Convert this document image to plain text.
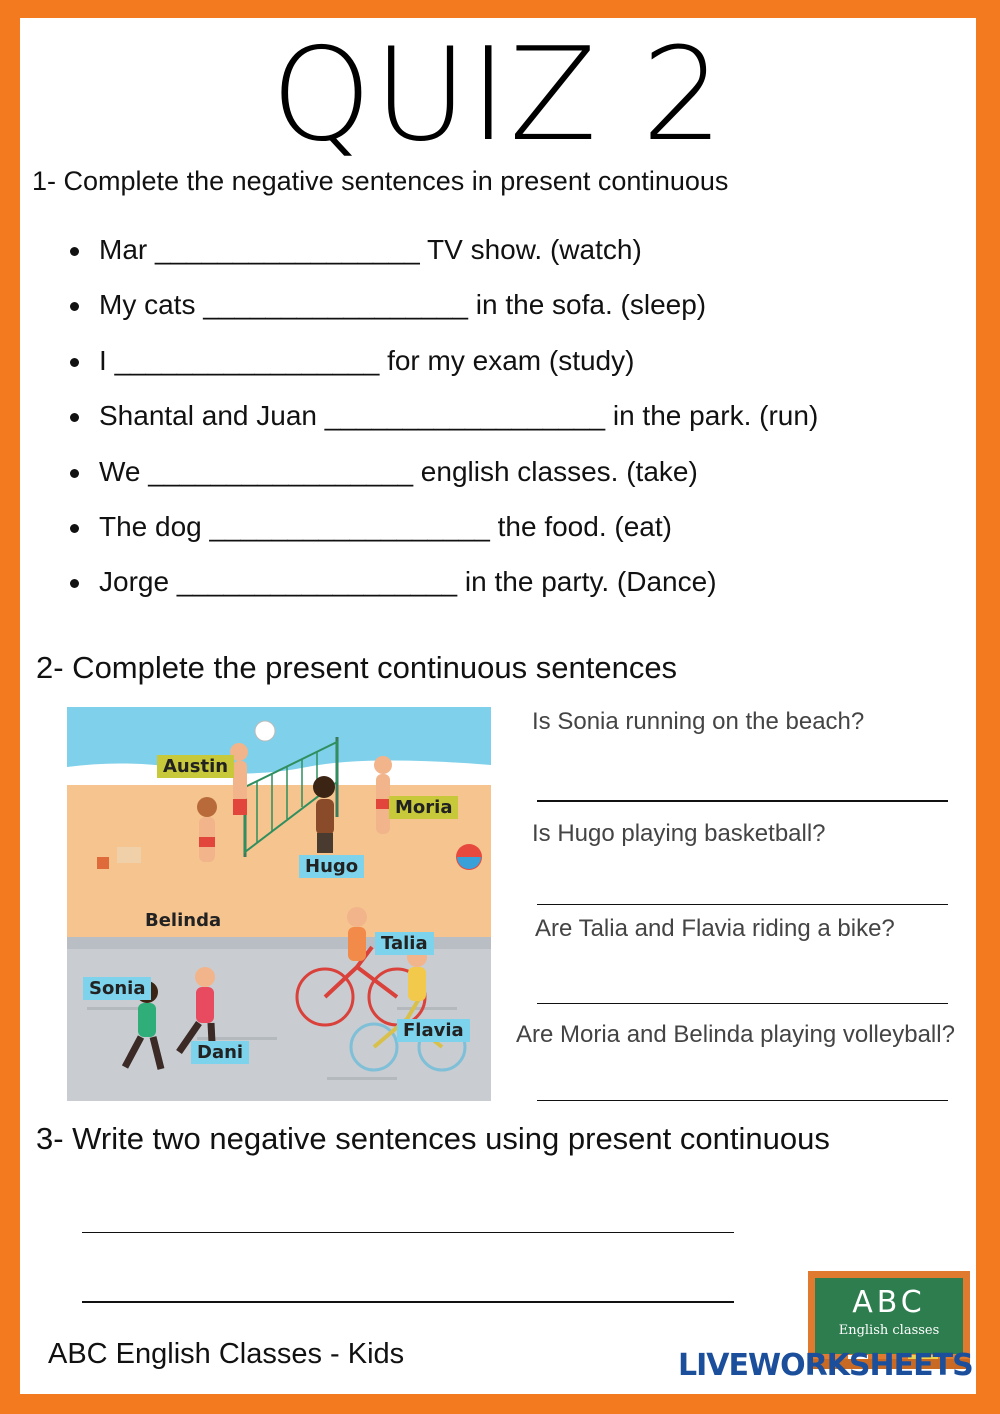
QUIZ 2
1- Complete the negative sentences in present continuous
Mar _________________ TV show. (watch)
My cats _________________ in the sofa. (sleep)
I _________________ for my exam (study)
Shantal and Juan __________________ in the park. (run)
We _________________ english classes. (take)
The dog __________________ the food. (eat)
Jorge __________________ in the party. (Dance)
2- Complete the present continuous sentences
Austin
Moria
Hugo
Belinda
Talia
Sonia
Flavia
Dani
Is Sonia running on the beach?
Is Hugo playing basketball?
Are Talia and Flavia riding a bike?
Are Moria and Belinda playing volleyball?
3- Write two negative sentences using present continuous
ABC English Classes - Kids
ABC
English classes
LIVEWORKSHEETS
